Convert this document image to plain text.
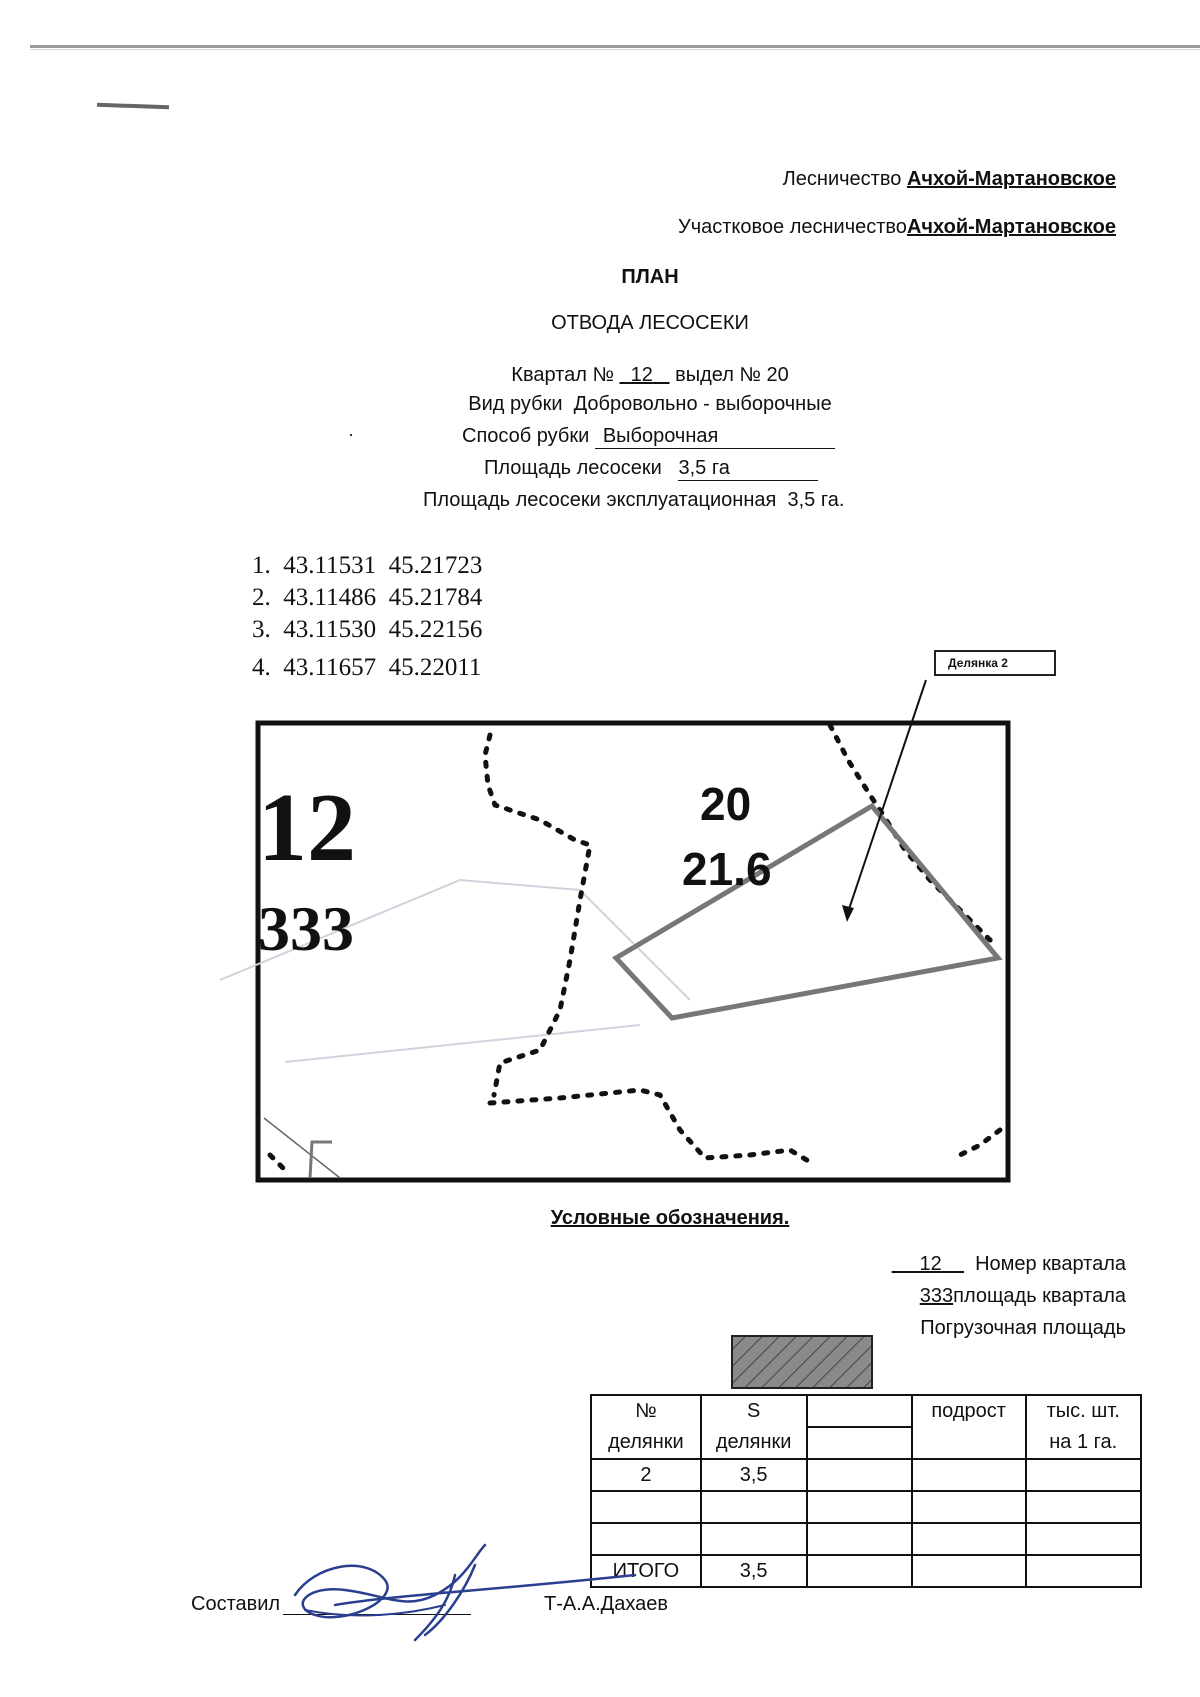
Лесничество Ачхой-Мартановское
Участковое лесничествоАчхой-Мартановское
ПЛАН
ОТВОДА ЛЕСОСЕКИ
Квартал № 12 выдел № 20
Вид рубки Добровольно - выборочные
Способ рубки Выборочная
Площадь лесосеки 3,5 га
Площадь лесосеки эксплуатационная 3,5 га.
1. 43.11531 45.21723
2. 43.11486 45.21784
3. 43.11530 45.22156
4. 43.11657 45.22011
12
333
20
21.6
Делянка 2
Условные обозначения.
12 Номер квартала
333площадь квартала
Погрузочная площадь
№	S		подрост	тыс. шт.
делянки	делянки			на 1 га.
2	3,5			

ИТОГО	3,5			
Составил	Т-А.А.Дахаев
